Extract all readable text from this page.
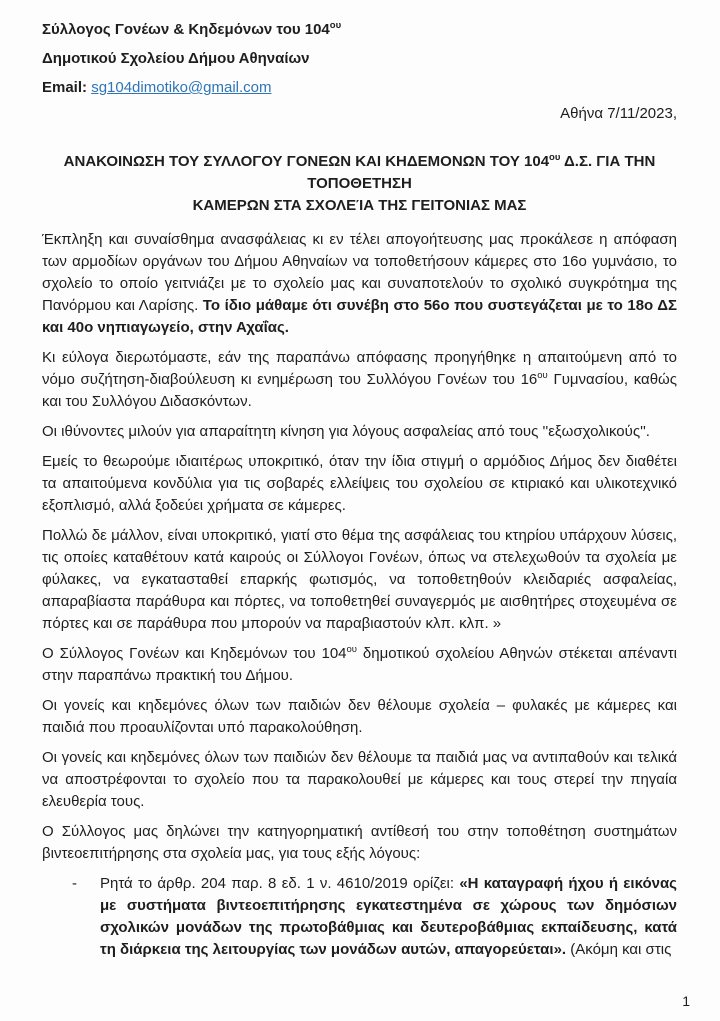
Σύλλογος Γονέων & Κηδεμόνων του $104^{o\upsilon}$

Δημοτικού Σχολείου Δήμου Αθηναίων

Email: sg104dimotiko@gmail.com

Αθήνα 7/11/2023,

ΑΝΑΚΟΙΝΩΣΗ ΤΟΥ ΣΥΛΛΟΓΟΥ ΓΟΝΕΩΝ ΚΑΙ ΚΗΔΕΜΟΝΩΝ ΤΟΥ $104^{o\upsilon}$ Δ.Σ. ΓΙΑ ΤΗΝ ΤΟΠΟΘΕΤΗΣΗ
ΚΑΜΕΡΩΝ ΣΤΑ ΣΧΟΛΕΊΑ ΤΗΣ ΓΕΙΤΟΝΙΑΣ ΜΑΣ

Έκπληξη και συναίσθημα ανασφάλειας κι εν τέλει απογοήτευσης μας προκάλεσε η απόφαση των αρμοδίων οργάνων του Δήμου Αθηναίων να τοποθετήσουν κάμερες στο 16ο γυμνάσιο, το σχολείο το οποίο γειτνιάζει με το σχολείο μας και συναποτελούν το σχολικό συγκρότημα της Πανόρμου και Λαρίσης. Το ίδιο μάθαμε ότι συνέβη στο 56ο που συστεγάζεται με το 18ο ΔΣ και 40ο νηπιαγωγείο, στην Αχαΐας.

Κι εύλογα διερωτόμαστε, εάν της παραπάνω απόφασης προηγήθηκε η απαιτούμενη από το νόμο συζήτηση-διαβούλευση κι ενημέρωση του Συλλόγου Γονέων του $16^{o\upsilon}$ Γυμνασίου, καθώς και του Συλλόγου Διδασκόντων.

Οι ιθύνοντες μιλούν για απαραίτητη κίνηση για λόγους ασφαλείας από τους ''εξωσχολικούς''.

Εμείς το θεωρούμε ιδιαιτέρως υποκριτικό, όταν την ίδια στιγμή ο αρμόδιος Δήμος δεν διαθέτει τα απαιτούμενα κονδύλια για τις σοβαρές ελλείψεις του σχολείου σε κτιριακό και υλικοτεχνικό εξοπλισμό, αλλά ξοδεύει χρήματα σε κάμερες.

Πολλώ δε μάλλον, είναι υποκριτικό, γιατί στο θέμα της ασφάλειας του κτηρίου υπάρχουν λύσεις, τις οποίες καταθέτουν κατά καιρούς οι Σύλλογοι Γονέων, όπως να στελεχωθούν τα σχολεία με φύλακες, να εγκατασταθεί επαρκής φωτισμός, να τοποθετηθούν κλειδαριές ασφαλείας, απαραβίαστα παράθυρα και πόρτες, να τοποθετηθεί συναγερμός με αισθητήρες στοχευμένα σε πόρτες και σε παράθυρα που μπορούν να παραβιαστούν κλπ. κλπ. »

Ο Σύλλογος Γονέων και Κηδεμόνων του $104^{o\upsilon}$ δημοτικού σχολείου Αθηνών στέκεται απέναντι στην παραπάνω πρακτική του Δήμου.

Οι γονείς και κηδεμόνες όλων των παιδιών δεν θέλουμε σχολεία – φυλακές με κάμερες και παιδιά που προαυλίζονται υπό παρακολούθηση.

Οι γονείς και κηδεμόνες όλων των παιδιών δεν θέλουμε τα παιδιά μας να αντιπαθούν και τελικά να αποστρέφονται το σχολείο που τα παρακολουθεί με κάμερες και τους στερεί την πηγαία ελευθερία τους.

Ο Σύλλογος μας δηλώνει την κατηγορηματική αντίθεσή του στην τοποθέτηση συστημάτων βιντεοεπιτήρησης στα σχολεία μας, για τους εξής λόγους:

-	Ρητά το άρθρ. 204 παρ. 8 εδ. 1 ν. 4610/2019 ορίζει: «Η καταγραφή ήχου ή εικόνας με συστήματα βιντεοεπιτήρησης εγκατεστημένα σε χώρους των δημόσιων σχολικών μονάδων της πρωτοβάθμιας και δευτεροβάθμιας εκπαίδευσης, κατά τη διάρκεια της λειτουργίας των μονάδων αυτών, απαγορεύεται». (Ακόμη και στις

1
